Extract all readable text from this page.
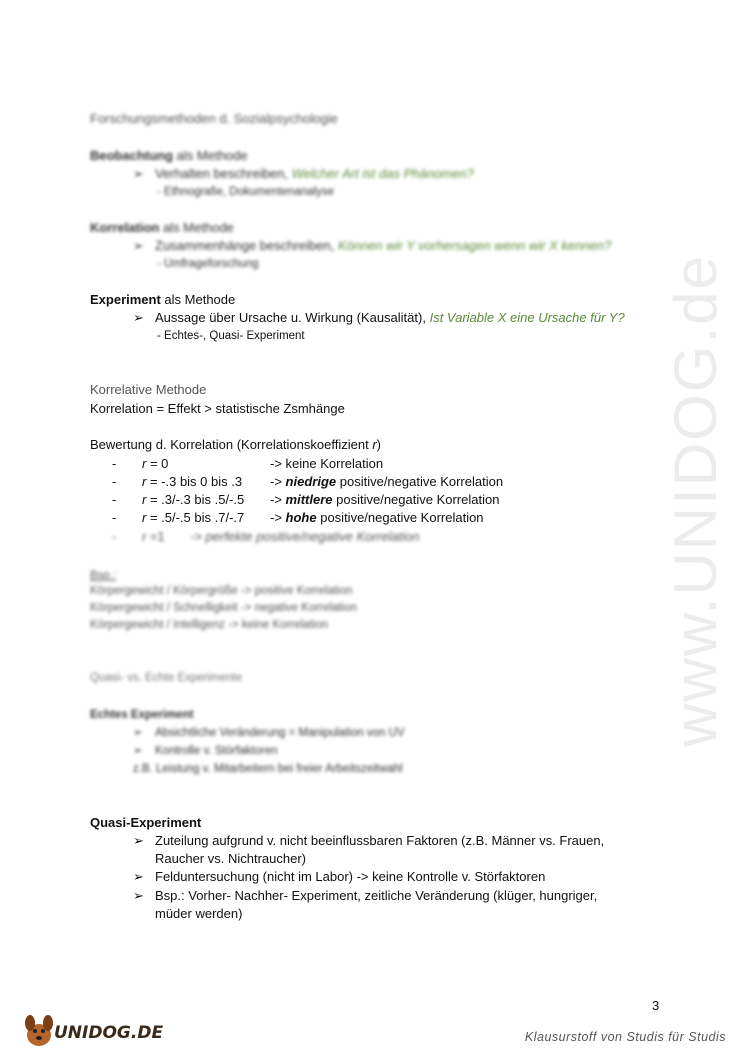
www.UNIDOG.de
Forschungsmethoden d. Sozialpsychologie
Beobachtung als Methode
➢ Verhalten beschreiben, Welcher Art ist das Phänomen?
- Ethnografie, Dokumentenanalyse
Korrelation als Methode
➢ Zusammenhänge beschreiben, Können wir Y vorhersagen wenn wir X kennen?
- Umfrageforschung
Experiment als Methode
➢ Aussage über Ursache u. Wirkung (Kausalität), Ist Variable X eine Ursache für Y?
- Echtes-, Quasi- Experiment
Korrelative Methode
Korrelation = Effekt > statistische Zsmhänge
Bewertung d. Korrelation (Korrelationskoeffizient r)
- r = 0	-> keine Korrelation
- r = -.3 bis 0 bis .3 -> niedrige positive/negative Korrelation
- r = .3/-.3 bis .5/-.5 -> mittlere positive/negative Korrelation
- r = .5/-.5 bis .7/-.7 -> hohe positive/negative Korrelation
- r =1 -> perfekte positive/negative Korrelation
Bsp.:
Körpergewicht / Körpergröße -> positive Korrelation
Körpergewicht / Schnelligkeit -> negative Korrelation
Körpergewicht / Intelligenz -> keine Korrelation
Quasi- vs. Echte Experimente
Echtes Experiment
➢ Absichtliche Veränderung = Manipulation von UV
➢ Kontrolle v. Störfaktoren
z.B. Leistung v. Mitarbeitern bei freier Arbeitszeitwahl
Quasi-Experiment
➢ Zuteilung aufgrund v. nicht beeinflussbaren Faktoren (z.B. Männer vs. Frauen,
Raucher vs. Nichtraucher)
➢ Felduntersuchung (nicht im Labor) -> keine Kontrolle v. Störfaktoren
➢ Bsp.: Vorher- Nachher- Experiment, zeitliche Veränderung (klüger, hungriger,
müder werden)
3
UNIDOG.DE	Klausurstoff von Studis für Studis
